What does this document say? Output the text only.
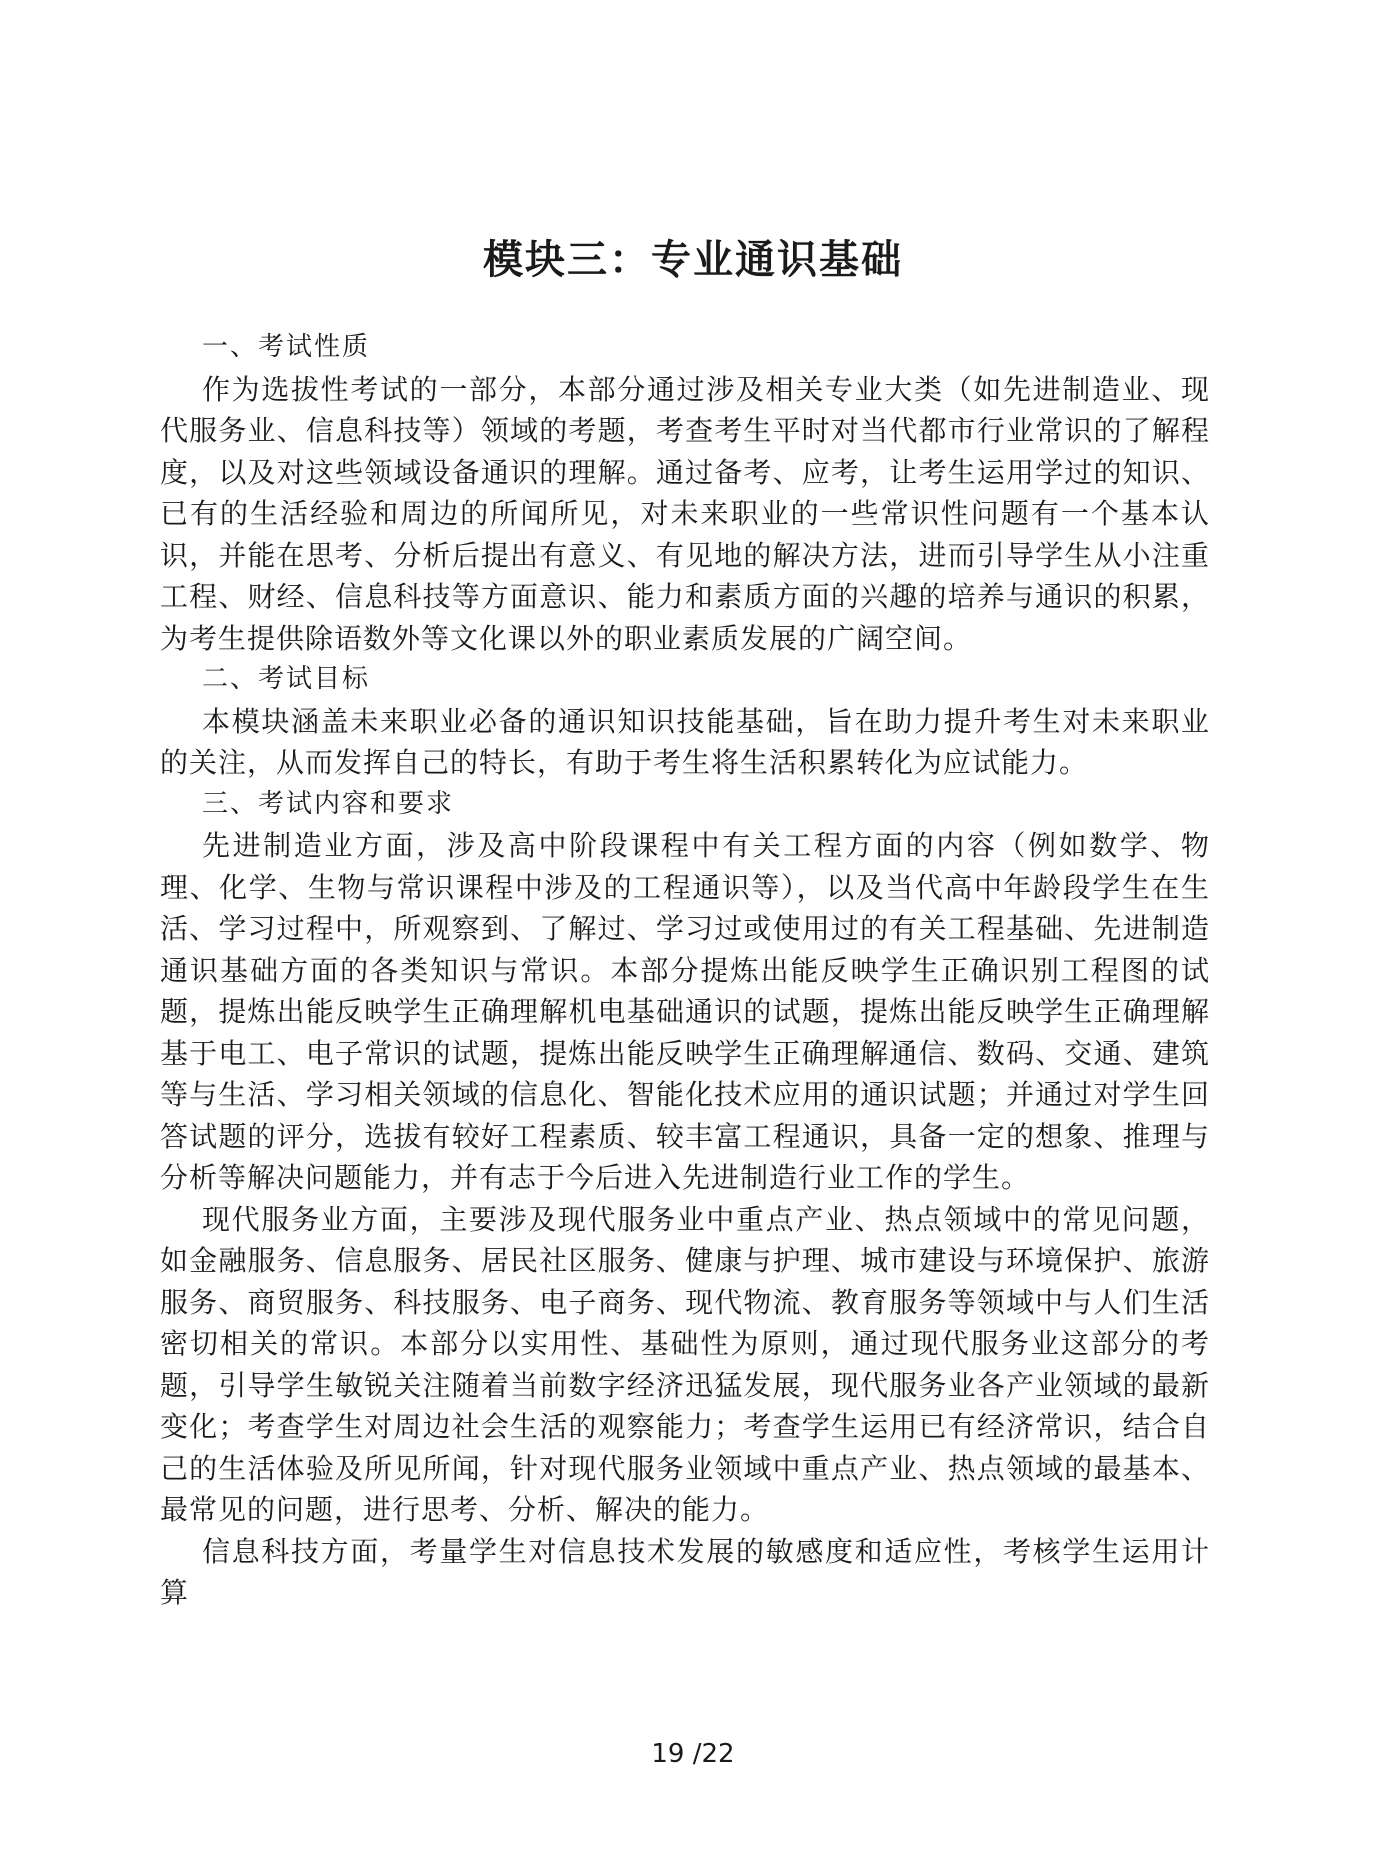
模块三：专业通识基础

一、考试性质

作为选拔性考试的一部分，本部分通过涉及相关专业大类（如先进制造业、现代服务业、信息科技等）领域的考题，考查考生平时对当代都市行业常识的了解程度，以及对这些领域设备通识的理解。通过备考、应考，让考生运用学过的知识、已有的生活经验和周边的所闻所见，对未来职业的一些常识性问题有一个基本认识，并能在思考、分析后提出有意义、有见地的解决方法，进而引导学生从小注重工程、财经、信息科技等方面意识、能力和素质方面的兴趣的培养与通识的积累，为考生提供除语数外等文化课以外的职业素质发展的广阔空间。

二、考试目标

本模块涵盖未来职业必备的通识知识技能基础，旨在助力提升考生对未来职业的关注，从而发挥自己的特长，有助于考生将生活积累转化为应试能力。

三、考试内容和要求

先进制造业方面，涉及高中阶段课程中有关工程方面的内容（例如数学、物理、化学、生物与常识课程中涉及的工程通识等），以及当代高中年龄段学生在生活、学习过程中，所观察到、了解过、学习过或使用过的有关工程基础、先进制造通识基础方面的各类知识与常识。本部分提炼出能反映学生正确识别工程图的试题，提炼出能反映学生正确理解机电基础通识的试题，提炼出能反映学生正确理解基于电工、电子常识的试题，提炼出能反映学生正确理解通信、数码、交通、建筑等与生活、学习相关领域的信息化、智能化技术应用的通识试题；并通过对学生回答试题的评分，选拔有较好工程素质、较丰富工程通识，具备一定的想象、推理与分析等解决问题能力，并有志于今后进入先进制造行业工作的学生。

现代服务业方面，主要涉及现代服务业中重点产业、热点领域中的常见问题，如金融服务、信息服务、居民社区服务、健康与护理、城市建设与环境保护、旅游服务、商贸服务、科技服务、电子商务、现代物流、教育服务等领域中与人们生活密切相关的常识。本部分以实用性、基础性为原则，通过现代服务业这部分的考题，引导学生敏锐关注随着当前数字经济迅猛发展，现代服务业各产业领域的最新变化；考查学生对周边社会生活的观察能力；考查学生运用已有经济常识，结合自己的生活体验及所见所闻，针对现代服务业领域中重点产业、热点领域的最基本、最常见的问题，进行思考、分析、解决的能力。

信息科技方面，考量学生对信息技术发展的敏感度和适应性，考核学生运用计算

19 /22
